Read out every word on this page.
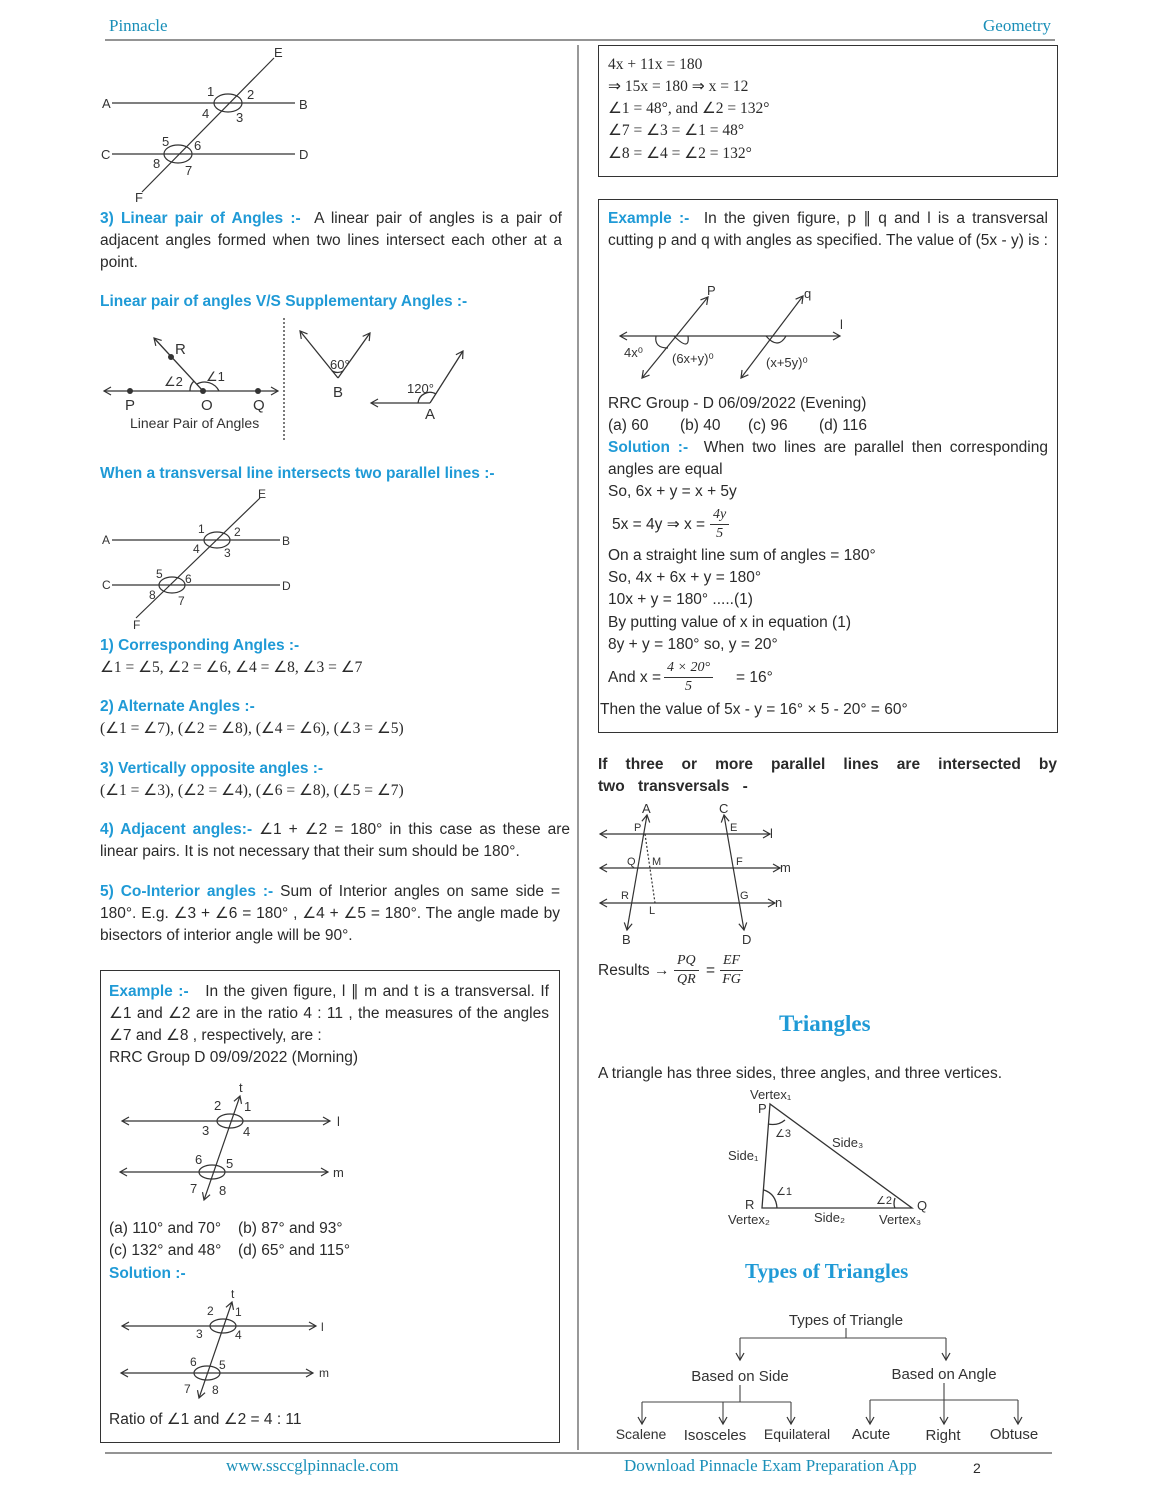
Pinnacle	Geometry
E
A	B
C	D
F
1	2
4 3
5 6
8 7
R
∠2 ∠1
P	O	Q
Linear Pair of Angles
60°
B	120°
A
E
A	B
C	D
F
1 2
4 3
5 6
8 7
t
l
m
2 1
3	4
6 5
7 8
t
l
m
2 1
3	4
6 5
7 8
P	q
l
4x⁰ (6x+y)⁰	(x+5y)⁰
A	C
l
m
n
B	D
P	E
Q M	F
R
L
G
Vertex₁
P
Side₁
∠3
Side₃
∠1
∠2
R	Q
Vertex₂	Side₂	Vertex₃
Types of Triangle
Based on Side	Based on Angle
Scalene Isosceles Equilateral Acute Right Obtuse
3) Linear pair of Angles :- A linear pair of angles is a pair of adjacent angles formed when two lines intersect each other at a point.
Linear pair of angles V/S Supplementary Angles :-
When a transversal line intersects two parallel lines :-
1) Corresponding Angles :-
∠1 = ∠5, ∠2 = ∠6, ∠4 = ∠8, ∠3 = ∠7
2) Alternate Angles :-
(∠1 = ∠7), (∠2 = ∠8), (∠4 = ∠6), (∠3 = ∠5)
3) Vertically opposite angles :-
(∠1 = ∠3), (∠2 = ∠4), (∠6 = ∠8), (∠5 = ∠7)
4) Adjacent angles:- ∠1 + ∠2 = 180° in this case as these are linear pairs. It is not necessary that their sum should be 180°.
5) Co-Interior angles :- Sum of Interior angles on same side = 180°. E.g. ∠3 + ∠6 = 180° , ∠4 + ∠5 = 180°. The angle made by bisectors of interior angle will be 90°.
Example :- In the given figure, l ∥ m and t is a transversal. If ∠1 and ∠2 are in the ratio 4 : 11 , the measures of the angles ∠7 and ∠8 , respectively, are :
RRC Group D 09/09/2022 (Morning)
(a) 110° and 70° (b) 87° and 93°
(c) 132° and 48° (d) 65° and 115°
Solution :-
Ratio of ∠1 and ∠2 = 4 : 11
4x + 11x = 180
⇒ 15x = 180 ⇒ x = 12
∠1 = 48°, and ∠2 = 132°
∠7 = ∠3 = ∠1 = 48°
∠8 = ∠4 = ∠2 = 132°
Example :- In the given figure, p ∥ q and l is a transversal cutting p and q with angles as specified. The value of (5x - y) is :
RRC Group - D 06/09/2022 (Evening)
(a) 60 (b) 40 (c) 96 (d) 116
Solution :- When two lines are parallel then corresponding angles are equal
So, 6x + y = x + 5y
5x = 4y ⇒ $x = \frac{4y}{5}$
On a straight line sum of angles = 180°
So, 4x + 6x + y = 180°
10x + y = 180° .....(1)
By putting value of x in equation (1)
8y + y = 180° so, y = 20°
And $x = \frac{4 \times 20^\circ}{5} = 16^\circ$
Then the value of 5x - y = 16° × 5 - 20° = 60°
If three or more parallel lines are intersected by two transversals -
Results → $\frac{PQ}{QR} = \frac{EF}{FG}$
Triangles
A triangle has three sides, three angles, and three vertices.
Types of Triangles
www.ssccglpinnacle.com	Download Pinnacle Exam Preparation App	2
